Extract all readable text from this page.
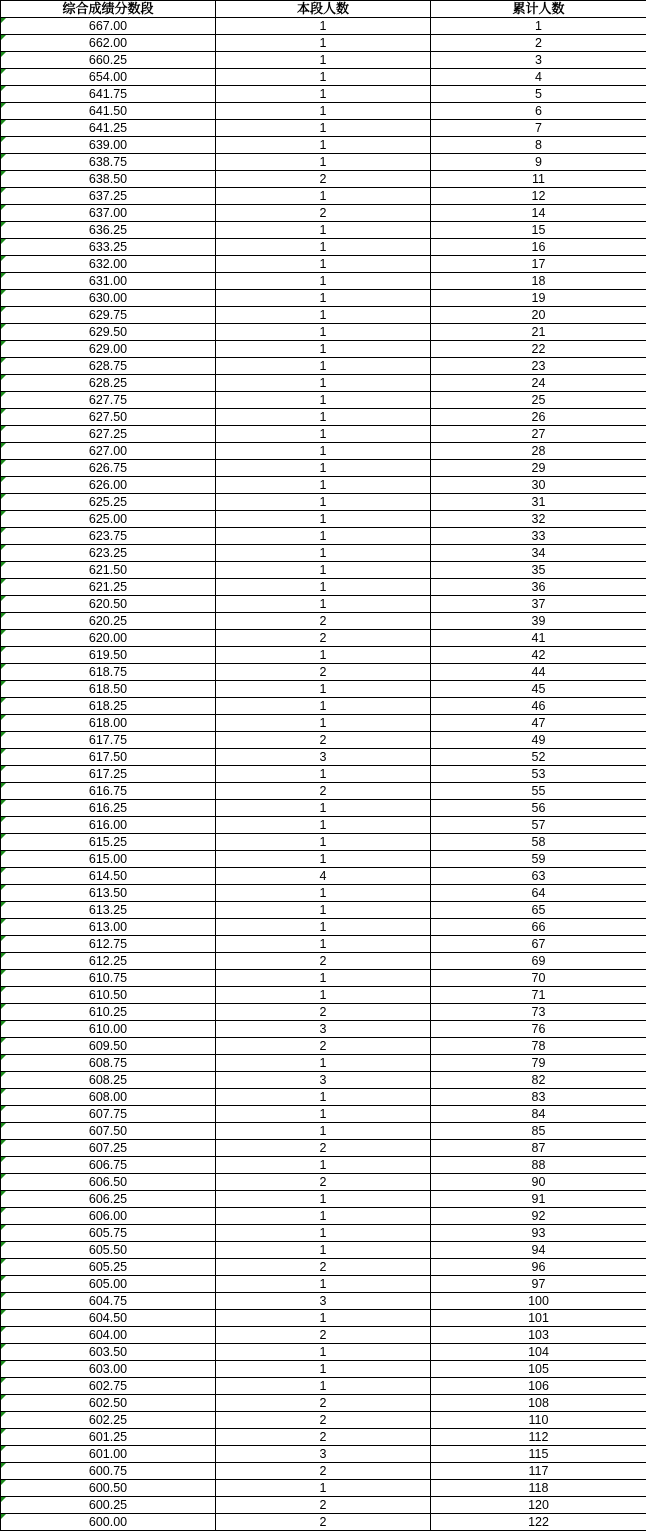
综合成绩分数段	本段人数	累计人数
667.00	1	1
662.00	1	2
660.25	1	3
654.00	1	4
641.75	1	5
641.50	1	6
641.25	1	7
639.00	1	8
638.75	1	9
638.50	2	11
637.25	1	12
637.00	2	14
636.25	1	15
633.25	1	16
632.00	1	17
631.00	1	18
630.00	1	19
629.75	1	20
629.50	1	21
629.00	1	22
628.75	1	23
628.25	1	24
627.75	1	25
627.50	1	26
627.25	1	27
627.00	1	28
626.75	1	29
626.00	1	30
625.25	1	31
625.00	1	32
623.75	1	33
623.25	1	34
621.50	1	35
621.25	1	36
620.50	1	37
620.25	2	39
620.00	2	41
619.50	1	42
618.75	2	44
618.50	1	45
618.25	1	46
618.00	1	47
617.75	2	49
617.50	3	52
617.25	1	53
616.75	2	55
616.25	1	56
616.00	1	57
615.25	1	58
615.00	1	59
614.50	4	63
613.50	1	64
613.25	1	65
613.00	1	66
612.75	1	67
612.25	2	69
610.75	1	70
610.50	1	71
610.25	2	73
610.00	3	76
609.50	2	78
608.75	1	79
608.25	3	82
608.00	1	83
607.75	1	84
607.50	1	85
607.25	2	87
606.75	1	88
606.50	2	90
606.25	1	91
606.00	1	92
605.75	1	93
605.50	1	94
605.25	2	96
605.00	1	97
604.75	3	100
604.50	1	101
604.00	2	103
603.50	1	104
603.00	1	105
602.75	1	106
602.50	2	108
602.25	2	110
601.25	2	112
601.00	3	115
600.75	2	117
600.50	1	118
600.25	2	120
600.00	2	122
